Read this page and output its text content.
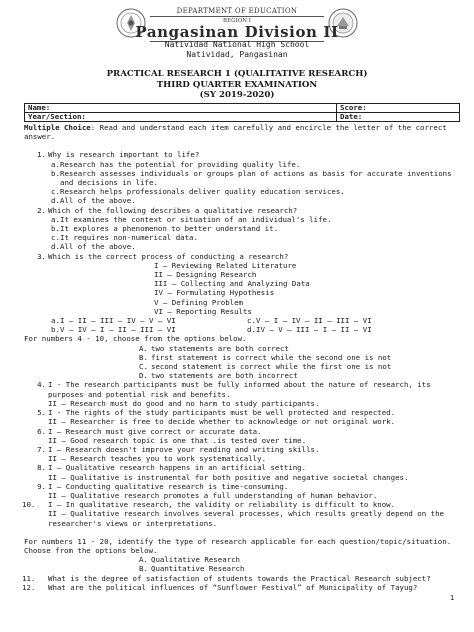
DEPARTMENT OF EDUCATION
REGION I
Pangasinan Division II
Natividad National High School
Natividad, Pangasinan
PRACTICAL RESEARCH 1 (QUALITATIVE RESEARCH)
THIRD QUARTER EXAMINATION
(SY 2019-2020)
Name:	Score:
Year/Section:	Date:
Multiple Choice: Read and understand each item carefully and encircle the letter of the correct answer.
1. Why is research important to life?
a. Research has the potential for providing quality life.
b. Research assesses individuals or groups plan of actions as basis for accurate inventions and decisions in life.
c. Research helps professionals deliver quality education services.
d. All of the above.
2. Which of the following describes a qualitative research?
a. It examines the context or situation of an individual's life.
b. It explores a phenomenon to better understand it.
c. It requires non-numerical data.
d. All of the above.
3. Which is the correct process of conducting a research?
I – Reviewing Related Literature
II – Designing Research
III – Collecting and Analyzing Data
IV – Formulating Hypothesis
V – Defining Problem
VI – Reporting Results
a. I – II – III – IV – V – VI
b. V – IV – I – II – III – VI
c. V – I – IV – II – III – VI
d. IV – V – III – I – II – VI
For numbers 4 - 10, choose from the options below.
A. two statements are both correct
B. first statement is correct while the second one is not
C. second statement is correct while the first one is not
D. two statements are both incorrect
4. I - The research participants must be fully informed about the nature of research, its purposes and potential risk and benefits.
II – Research must do good and no harm to study participants.
5. I - The rights of the study participants must be well protected and respected.
II – Researcher is free to decide whether to acknowledge or not original work.
6. I – Research must give correct or accurate data.
II – Good research topic is one that .is tested over time.
7. I – Research doesn't improve your reading and writing skills.
II – Research teaches you to work systematically.
8. I – Qualitative research happens in an artificial setting.
II – Qualitative is instrumental for both positive and negative societal changes.
9. I – Conducting qualitative research is time-consuming.
II – Qualitative research promotes a full understanding of human behavior.
10.	I – In qualitative research, the validity or reliability is difficult to know.
II – Qualitative research involves several processes, which results greatly depend on the researcher's views or interpretations.
For numbers 11 - 20, identify the type of research applicable for each question/topic/situation. Choose from the options below.
A. Qualitative Research
B. Quantitative Research
11.	What is the degree of satisfaction of students towards the Practical Research subject?
12.	What are the political influences of “Sunflower Festival” of Municipality of Tayug?
1
